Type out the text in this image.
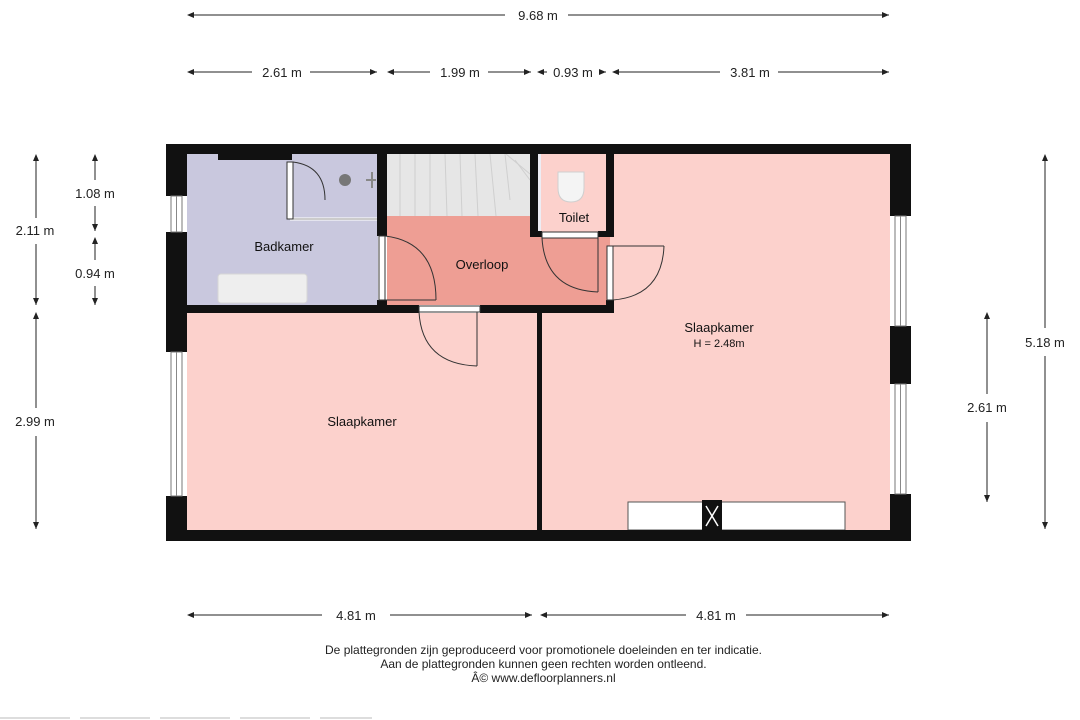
Badkamer
Overloop
Toilet
Slaapkamer
Slaapkamer
H = 2.48m
9.68 m
2.61 m	1.99 m	0.93 m	3.81 m
2.11 m
2.99 m
1.08 m
0.94 m
5.18 m
2.61 m
4.81 m	4.81 m
De plattegronden zijn geproduceerd voor promotionele doeleinden en ter indicatie.
Aan de plattegronden kunnen geen rechten worden ontleend.
Â© www.defloorplanners.nl
